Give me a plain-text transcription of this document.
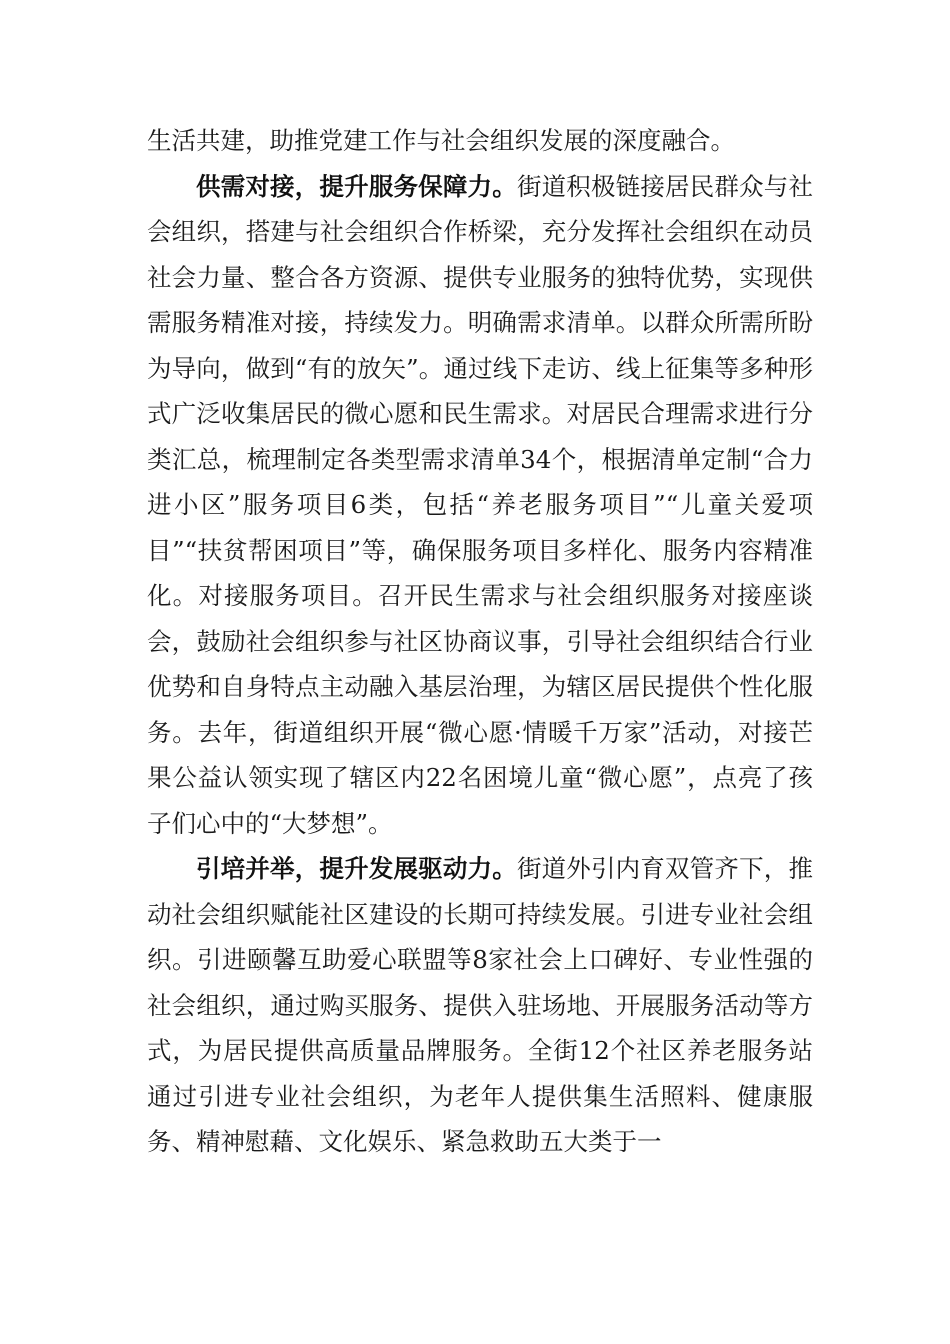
生活共建，助推党建工作与社会组织发展的深度融合。

供需对接，提升服务保障力。街道积极链接居民群众与社会组织，搭建与社会组织合作桥梁，充分发挥社会组织在动员社会力量、整合各方资源、提供专业服务的独特优势，实现供需服务精准对接，持续发力。明确需求清单。以群众所需所盼为导向，做到“有的放矢”。通过线下走访、线上征集等多种形式广泛收集居民的微心愿和民生需求。对居民合理需求进行分类汇总，梳理制定各类型需求清单34个，根据清单定制“合力进小区”服务项目6类，包括“养老服务项目”“儿童关爱项目”“扶贫帮困项目”等，确保服务项目多样化、服务内容精准化。对接服务项目。召开民生需求与社会组织服务对接座谈会，鼓励社会组织参与社区协商议事，引导社会组织结合行业优势和自身特点主动融入基层治理，为辖区居民提供个性化服务。去年，街道组织开展“微心愿·情暖千万家”活动，对接芒果公益认领实现了辖区内22名困境儿童“微心愿”，点亮了孩子们心中的“大梦想”。

引培并举，提升发展驱动力。街道外引内育双管齐下，推动社会组织赋能社区建设的长期可持续发展。引进专业社会组织。引进颐馨互助爱心联盟等8家社会上口碑好、专业性强的社会组织，通过购买服务、提供入驻场地、开展服务活动等方式，为居民提供高质量品牌服务。全街12个社区养老服务站通过引进专业社会组织，为老年人提供集生活照料、健康服务、精神慰藉、文化娱乐、紧急救助五大类于一
